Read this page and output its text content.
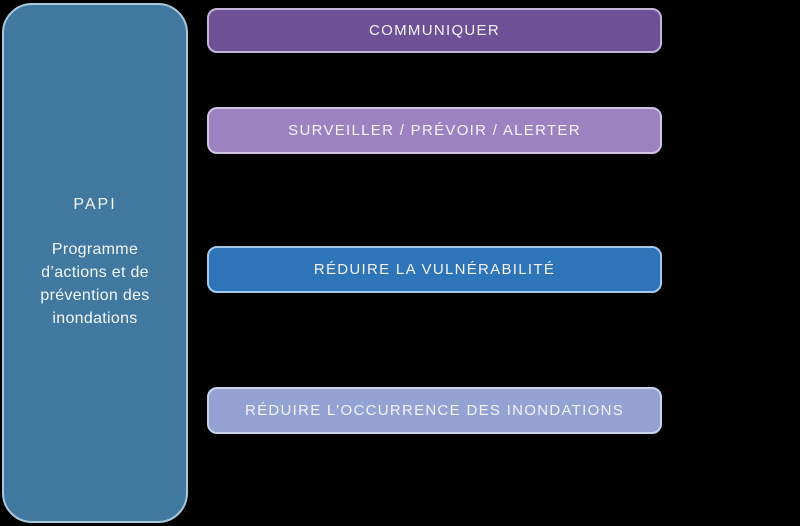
PAPI
Programme
d’actions et de
prévention des
inondations
COMMUNIQUER
SURVEILLER / PRÉVOIR / ALERTER
RÉDUIRE LA VULNÉRABILITÉ
RÉDUIRE L’OCCURRENCE DES INONDATIONS
